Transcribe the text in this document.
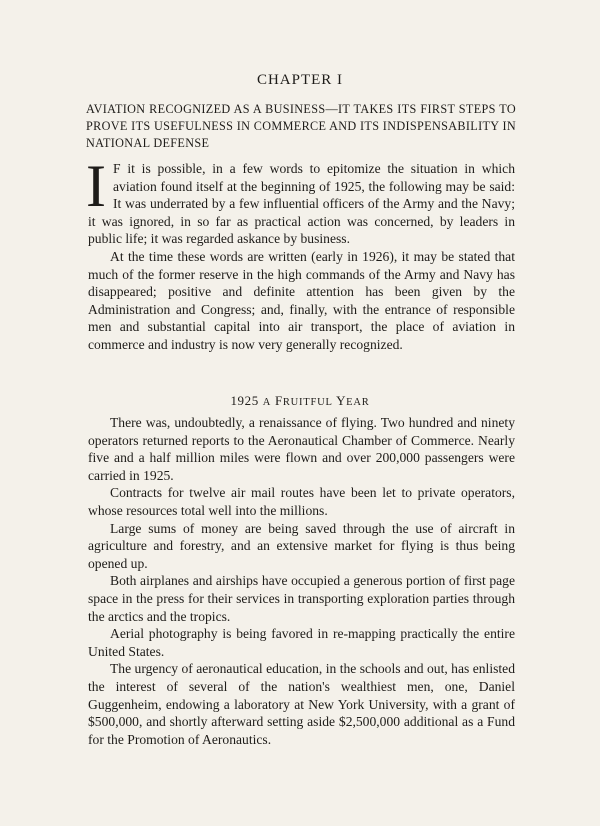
CHAPTER I
AVIATION RECOGNIZED AS A BUSINESS—IT TAKES ITS FIRST STEPS TO PROVE ITS USEFULNESS IN COMMERCE AND ITS INDISPENSABILITY IN NATIONAL DEFENSE

I F it is possible, in a few words to epitomize the situation in which aviation found itself at the beginning of 1925, the following may be said: It was underrated by a few influential officers of the Army and the Navy; it was ignored, in so far as practical action was concerned, by leaders in public life; it was regarded askance by business.

At the time these words are written (early in 1926), it may be stated that much of the former reserve in the high commands of the Army and Navy has disappeared; positive and definite attention has been given by the Administration and Congress; and, finally, with the entrance of responsible men and substantial capital into air transport, the place of aviation in commerce and industry is now very generally recognized.

1925 A FRUITFUL YEAR

There was, undoubtedly, a renaissance of flying. Two hundred and ninety operators returned reports to the Aeronautical Chamber of Commerce. Nearly five and a half million miles were flown and over 200,000 passengers were carried in 1925.

Contracts for twelve air mail routes have been let to private operators, whose resources total well into the millions.

Large sums of money are being saved through the use of aircraft in agriculture and forestry, and an extensive market for flying is thus being opened up.

Both airplanes and airships have occupied a generous portion of first page space in the press for their services in transporting exploration parties through the arctics and the tropics.

Aerial photography is being favored in re-mapping practically the entire United States.

The urgency of aeronautical education, in the schools and out, has enlisted the interest of several of the nation's wealthiest men, one, Daniel Guggenheim, endowing a laboratory at New York University, with a grant of $500,000, and shortly afterward setting aside $2,500,000 additional as a Fund for the Promotion of Aeronautics.
